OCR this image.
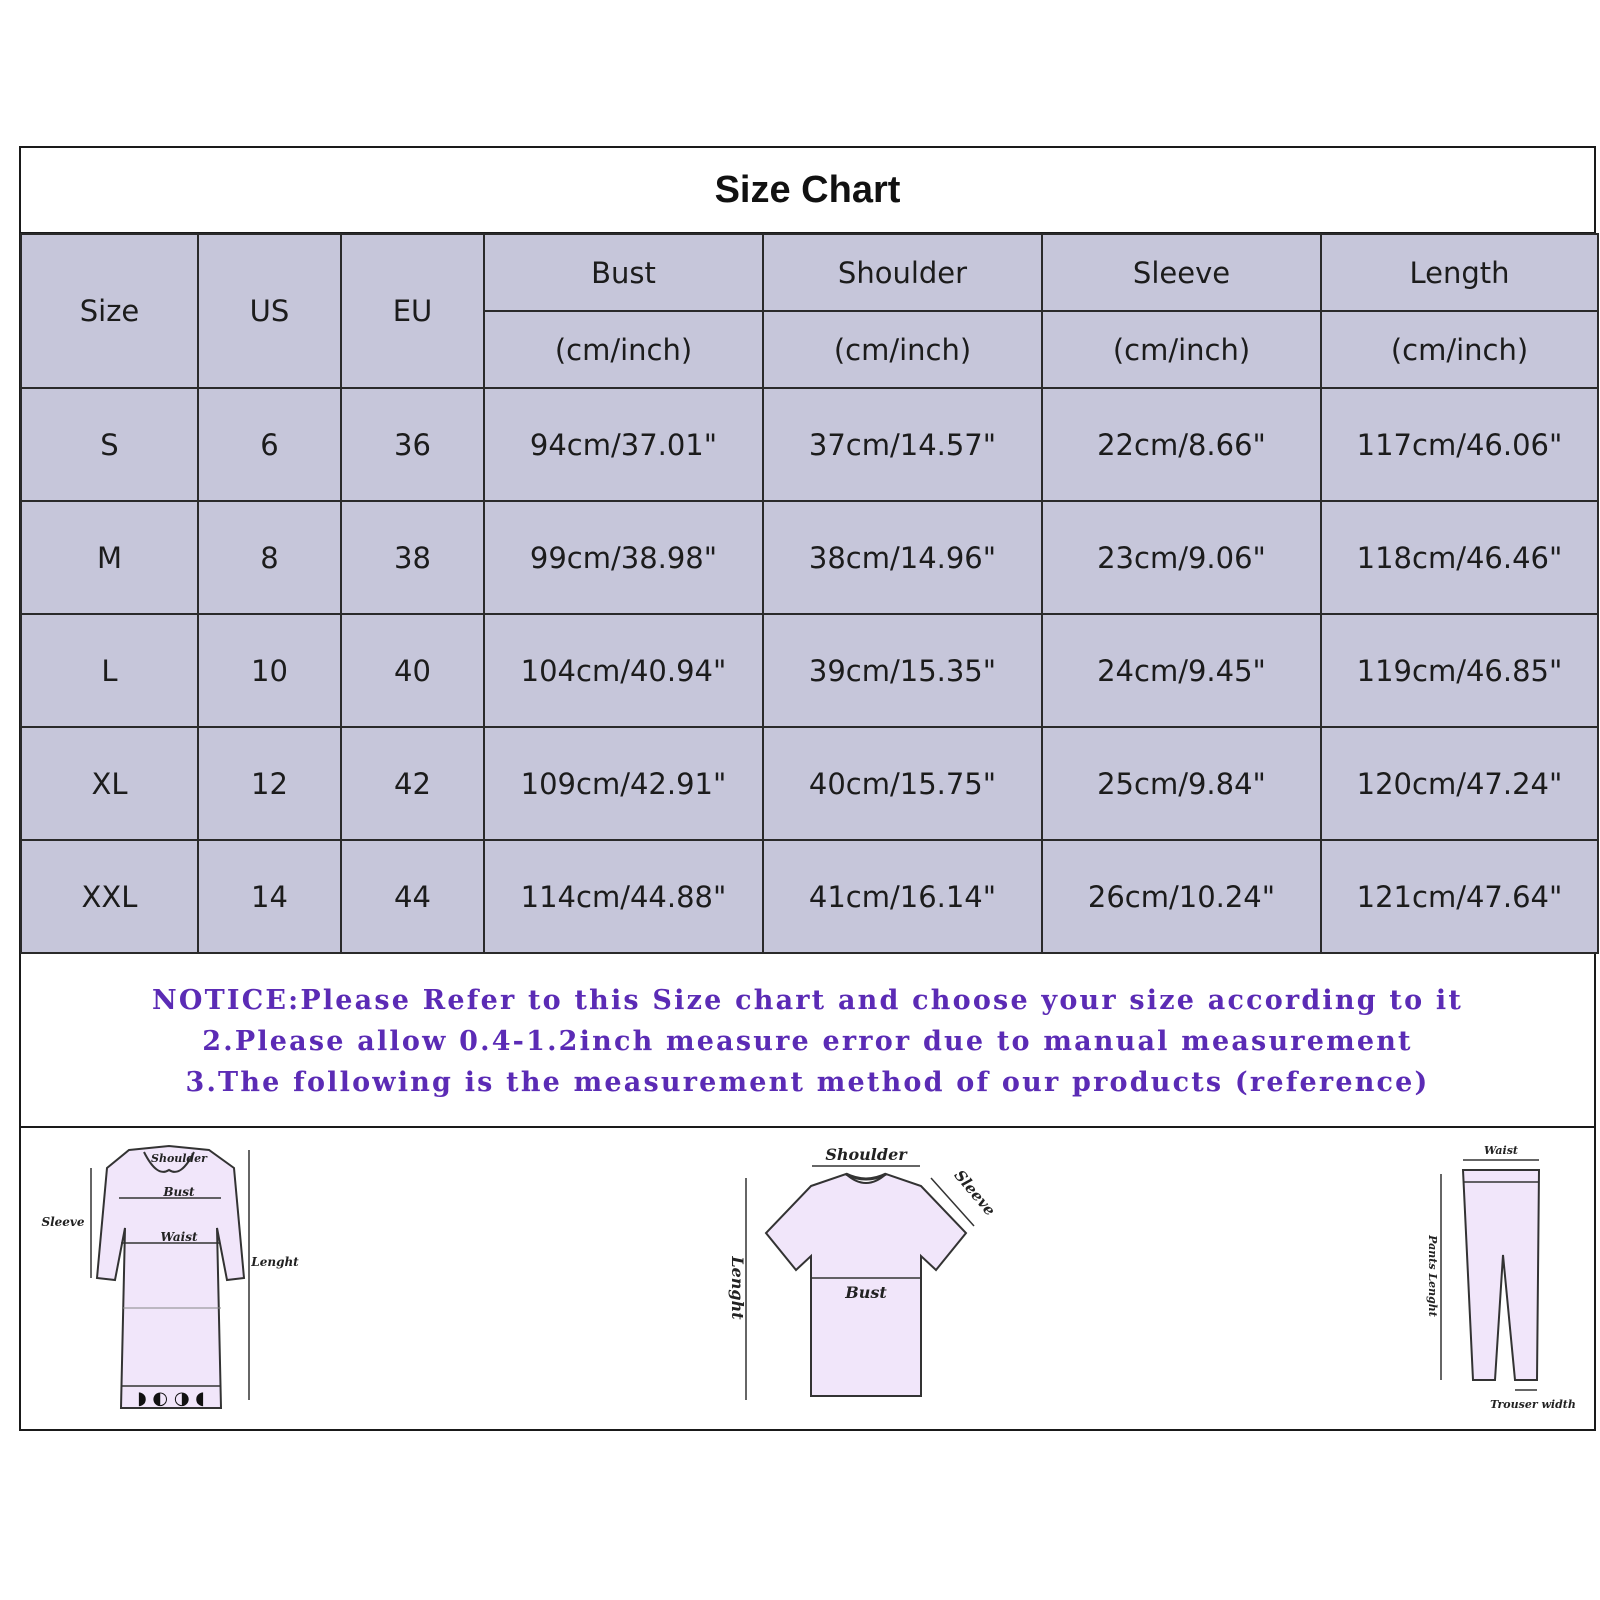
Size Chart
Size	US	EU	Bust	Shoulder	Sleeve	Length
			(cm/inch)	(cm/inch)	(cm/inch)	(cm/inch)
S	6	36	94cm/37.01"	37cm/14.57"	22cm/8.66"	117cm/46.06"
M	8	38	99cm/38.98"	38cm/14.96"	23cm/9.06"	118cm/46.46"
L	10	40	104cm/40.94"	39cm/15.35"	24cm/9.45"	119cm/46.85"
XL	12	42	109cm/42.91"	40cm/15.75"	25cm/9.84"	120cm/47.24"
XXL	14	44	114cm/44.88"	41cm/16.14"	26cm/10.24"	121cm/47.64"
NOTICE:Please Refer to this Size chart and choose your size according to it
2.Please allow 0.4-1.2inch measure error due to manual measurement
3.The following is the measurement method of our products (reference)
◗ ◐ ◑ ◖
Shoulder
Bust
Waist
Sleeve
Lenght
Shoulder
Sleeve
Bust
Lenght
Waist
Pants Lenght
Trouser width
